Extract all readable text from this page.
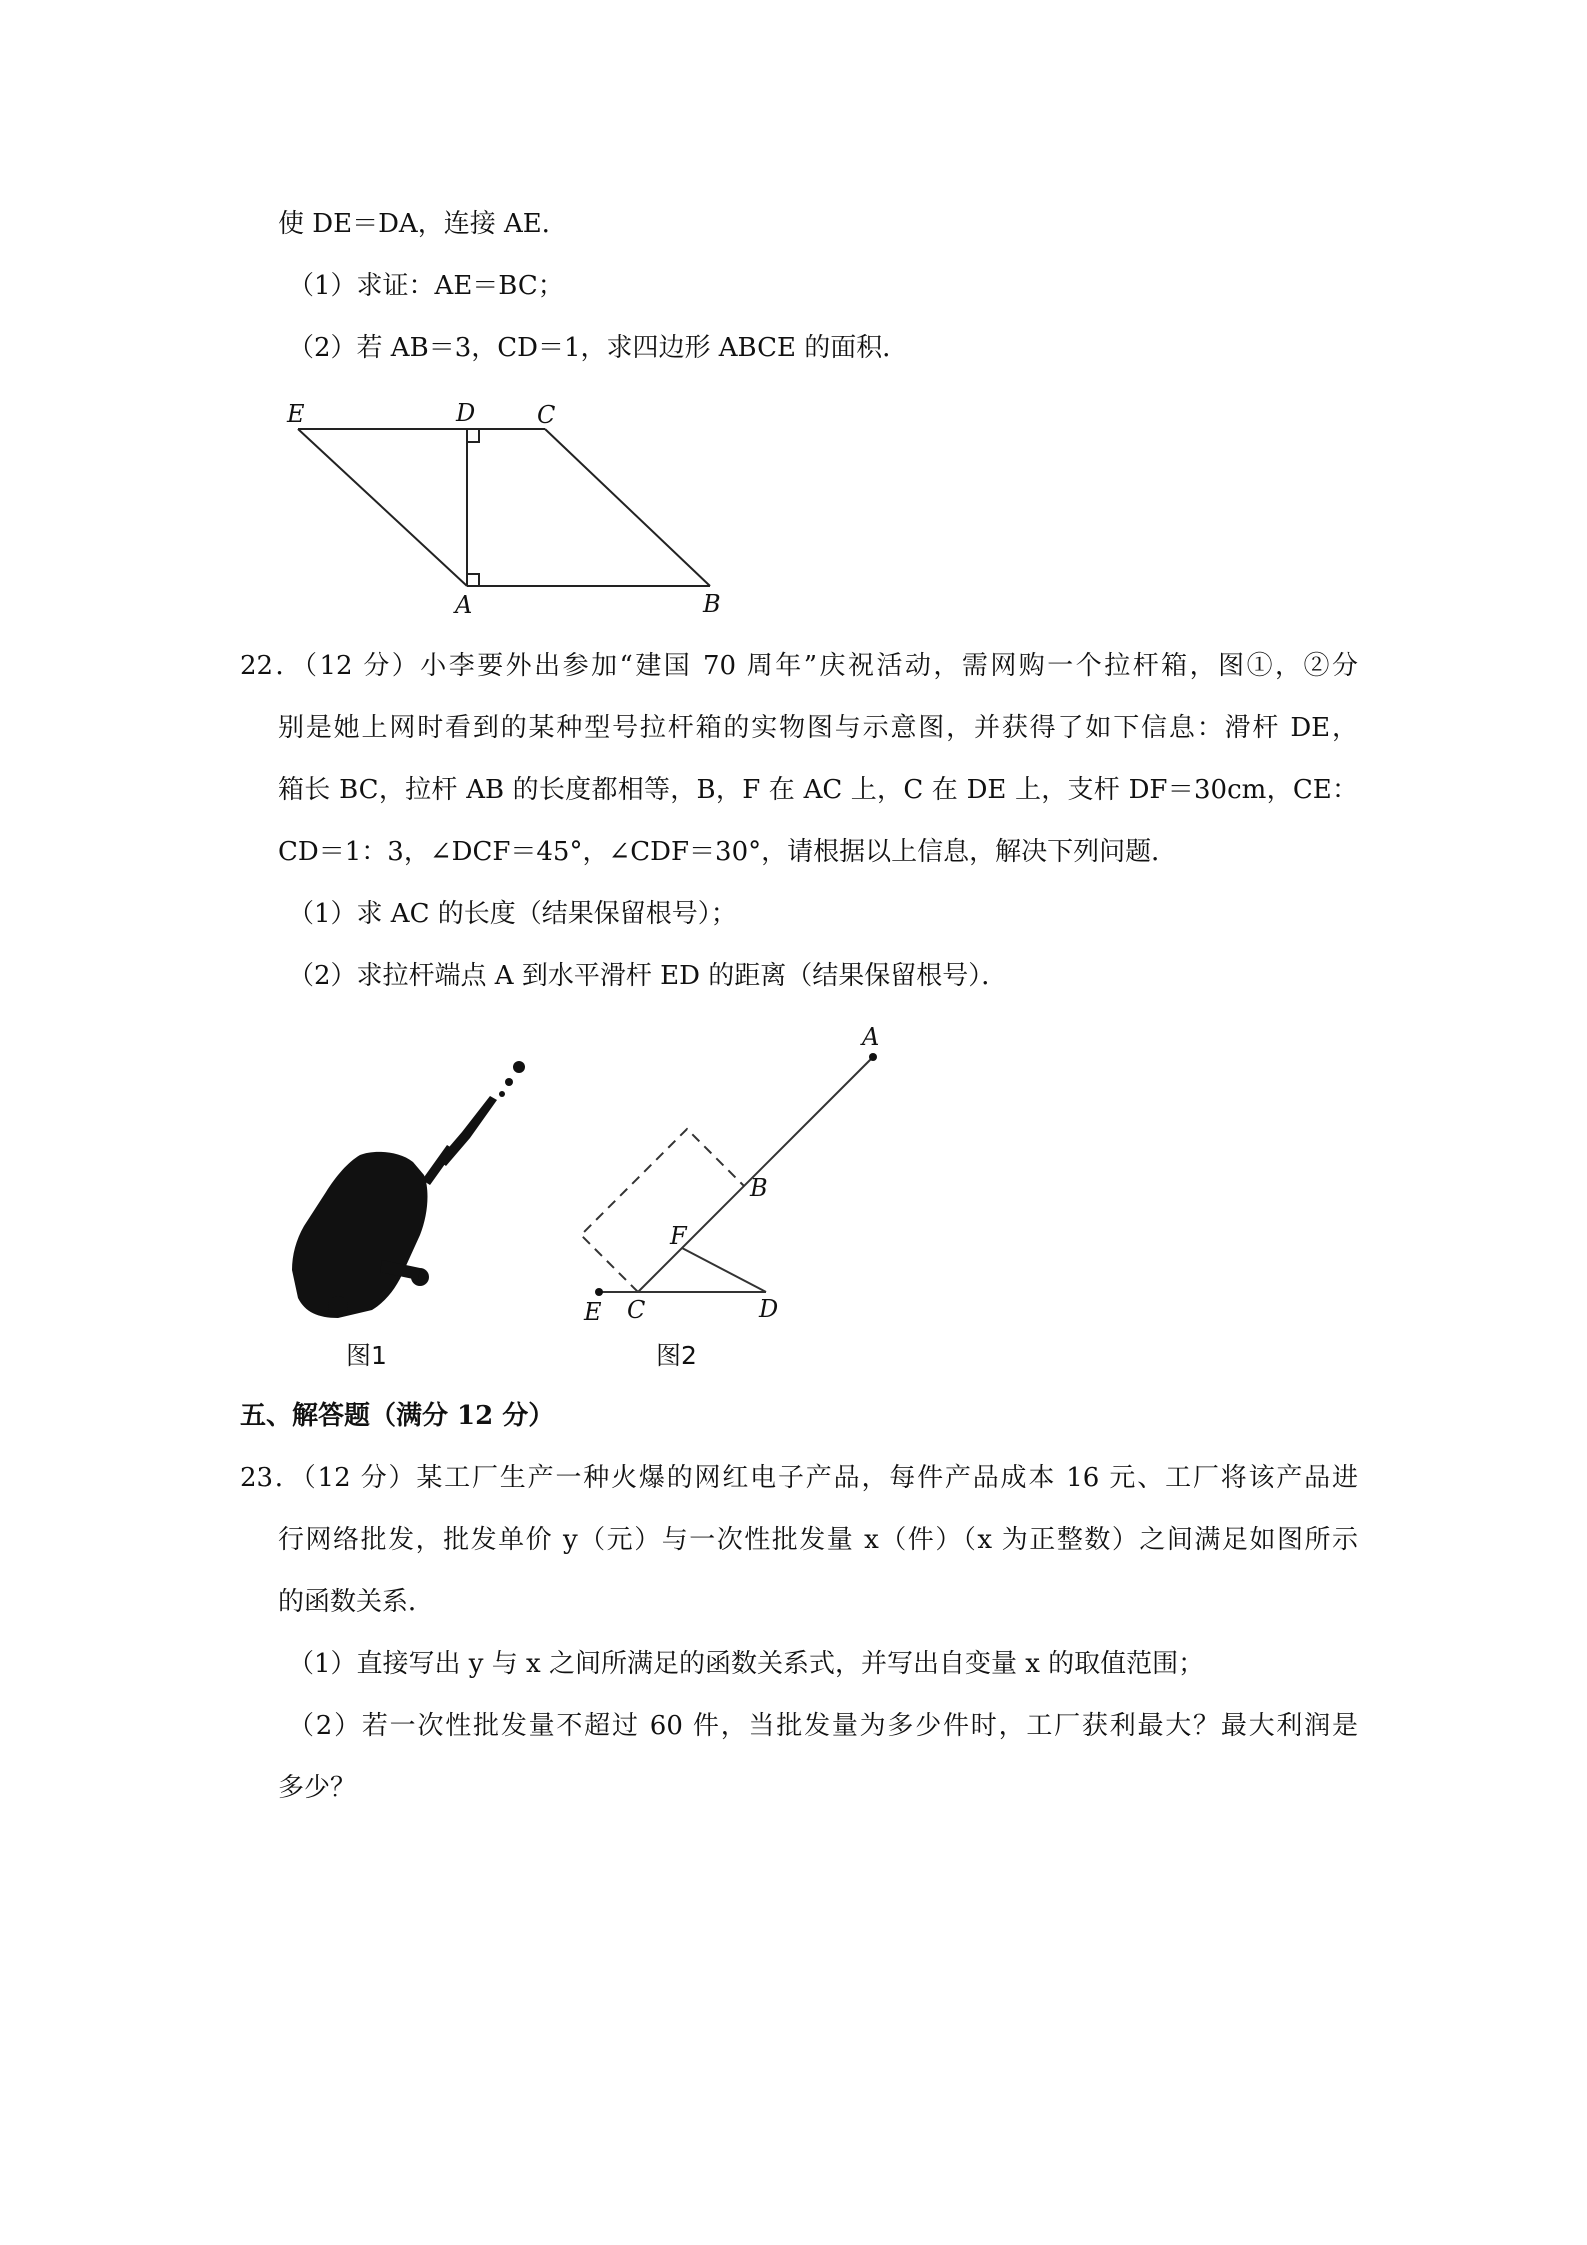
使 DE＝DA，连接 AE．
（1）求证：AE＝BC；
（2）若 AB＝3，CD＝1，求四边形 ABCE 的面积．
E	D	C
A	B
22．（12 分）小李要外出参加“建国 70 周年”庆祝活动，需网购一个拉杆箱，图①，②分
别是她上网时看到的某种型号拉杆箱的实物图与示意图，并获得了如下信息：滑杆 DE，
箱长 BC，拉杆 AB 的长度都相等，B，F 在 AC 上，C 在 DE 上，支杆 DF＝30cm，CE：
CD＝1：3，∠DCF＝45°，∠CDF＝30°，请根据以上信息，解决下列问题．
（1）求 AC 的长度（结果保留根号）；
（2）求拉杆端点 A 到水平滑杆 ED 的距离（结果保留根号）．
图1
A
B
F
E C	D
图2
五、解答题（满分 12 分）
23．（12 分）某工厂生产一种火爆的网红电子产品，每件产品成本 16 元、工厂将该产品进
行网络批发，批发单价 y（元）与一次性批发量 x（件）（x 为正整数）之间满足如图所示
的函数关系．
（1）直接写出 y 与 x 之间所满足的函数关系式，并写出自变量 x 的取值范围；
（2）若一次性批发量不超过 60 件，当批发量为多少件时，工厂获利最大？最大利润是
多少？
